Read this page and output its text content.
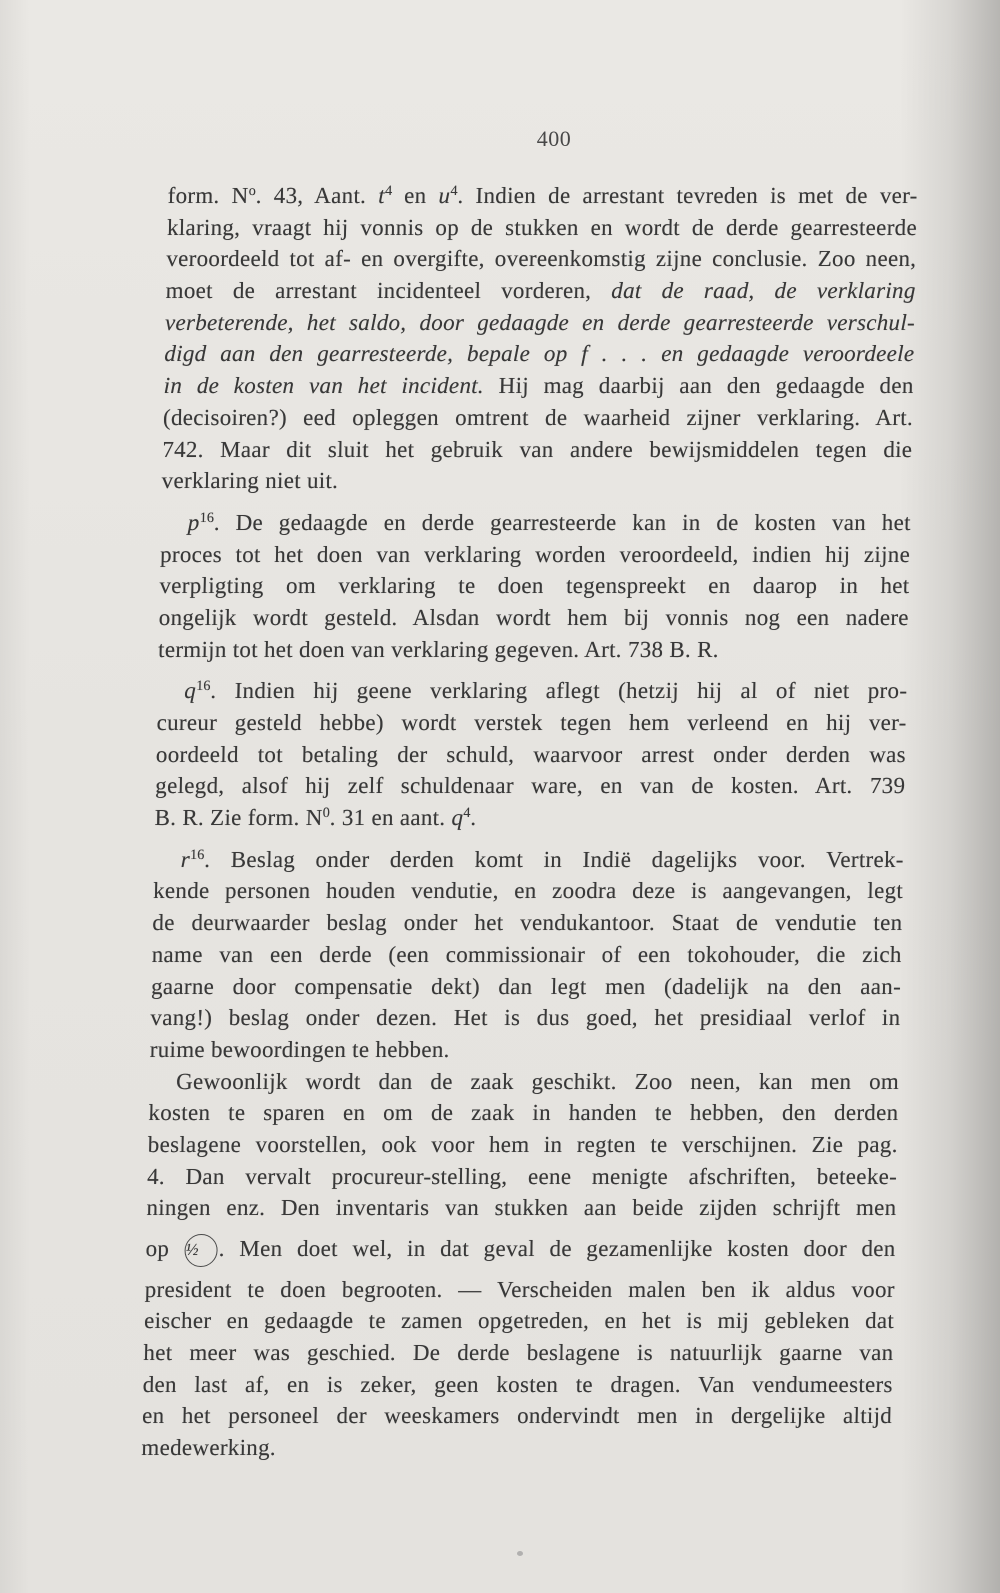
400
form. $N^o$. 43, Aant. $t^4$ en $u^4$. Indien de arrestant tevreden is met de ver-
klaring, vraagt hij vonnis op de stukken en wordt de derde gearresteerde
veroordeeld tot af- en overgifte, overeenkomstig zijne conclusie. Zoo neen,
moet de arrestant incidenteel vorderen, dat de raad, de verklaring
verbeterende, het saldo, door gedaagde en derde gearresteerde verschul-
digd aan den gearresteerde, bepale op f . . . en gedaagde veroordeele
in de kosten van het incident. Hij mag daarbij aan den gedaagde den
(decisoiren?) eed opleggen omtrent de waarheid zijner verklaring. Art.
742. Maar dit sluit het gebruik van andere bewijsmiddelen tegen die
verklaring niet uit.
$p^{16}$. De gedaagde en derde gearresteerde kan in de kosten van het
proces tot het doen van verklaring worden veroordeeld, indien hij zijne
verpligting om verklaring te doen tegenspreekt en daarop in het
ongelijk wordt gesteld. Alsdan wordt hem bij vonnis nog een nadere
termijn tot het doen van verklaring gegeven. Art. 738 B. R.
$q^{16}$. Indien hij geene verklaring aflegt (hetzij hij al of niet pro-
cureur gesteld hebbe) wordt verstek tegen hem verleend en hij ver-
oordeeld tot betaling der schuld, waarvoor arrest onder derden was
gelegd, alsof hij zelf schuldenaar ware, en van de kosten. Art. 739
B. R. Zie form. $N^0$. 31 en aant. $q^4$.
$r^{16}$. Beslag onder derden komt in Indië dagelijks voor. Vertrek-
kende personen houden vendutie, en zoodra deze is aangevangen, legt
de deurwaarder beslag onder het vendukantoor. Staat de vendutie ten
name van een derde (een commissionair of een tokohouder, die zich
gaarne door compensatie dekt) dan legt men (dadelijk na den aan-
vang!) beslag onder dezen. Het is dus goed, het presidiaal verlof in
ruime bewoordingen te hebben.
Gewoonlijk wordt dan de zaak geschikt. Zoo neen, kan men om
kosten te sparen en om de zaak in handen te hebben, den derden
beslagene voorstellen, ook voor hem in regten te verschijnen. Zie pag.
4. Dan vervalt procureur-stelling, eene menigte afschriften, beteeke-
ningen enz. Den inventaris van stukken aan beide zijden schrijft men
op ½ . Men doet wel, in dat geval de gezamenlijke kosten door den
president te doen begrooten. — Verscheiden malen ben ik aldus voor
eischer en gedaagde te zamen opgetreden, en het is mij gebleken dat
het meer was geschied. De derde beslagene is natuurlijk gaarne van
den last af, en is zeker, geen kosten te dragen. Van vendumeesters
en het personeel der weeskamers ondervindt men in dergelijke altijd
medewerking.
